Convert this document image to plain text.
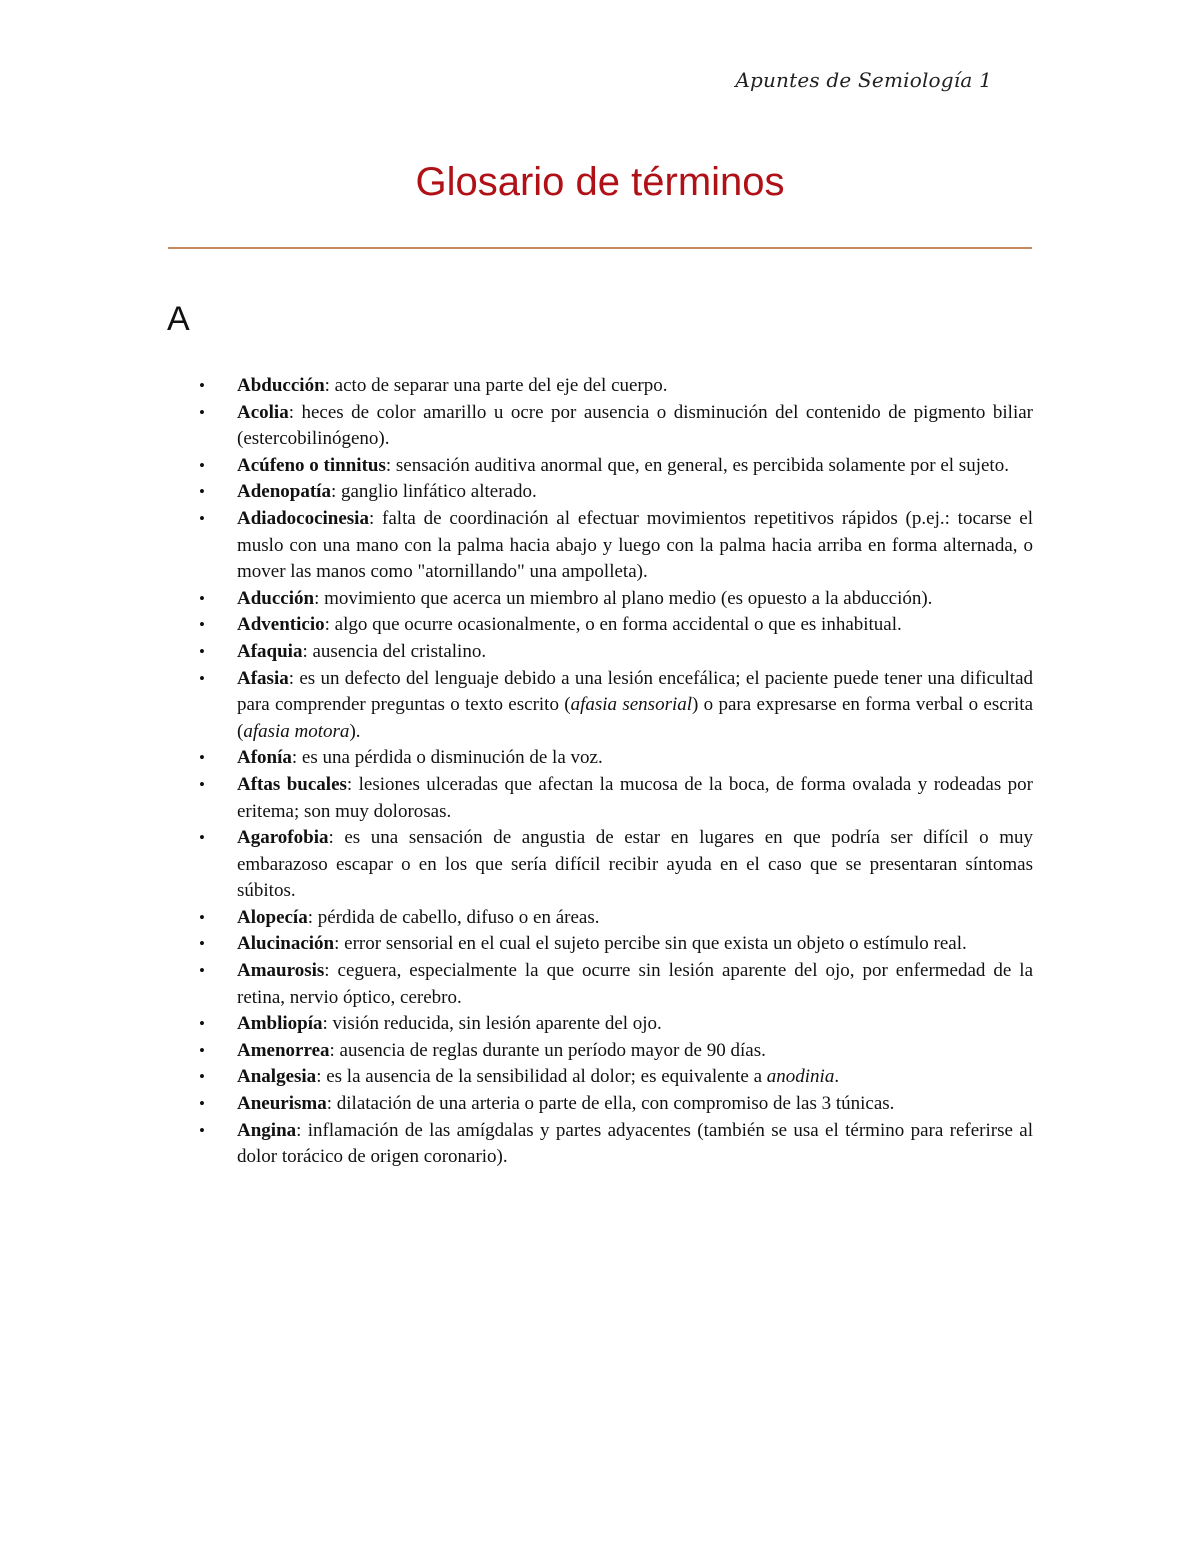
Apuntes de Semiología 1
Glosario de términos
A
• Abducción: acto de separar una parte del eje del cuerpo.
• Acolia: heces de color amarillo u ocre por ausencia o disminución del contenido de pigmento biliar (estercobilinógeno).
• Acúfeno o tinnitus: sensación auditiva anormal que, en general, es percibida solamente por el sujeto.
• Adenopatía: ganglio linfático alterado.
• Adiadococinesia: falta de coordinación al efectuar movimientos repetitivos rápidos (p.ej.: tocarse el muslo con una mano con la palma hacia abajo y luego con la palma hacia arriba en forma alternada, o mover las manos como "atornillando" una ampolleta).
• Aducción: movimiento que acerca un miembro al plano medio (es opuesto a la abducción).
• Adventicio: algo que ocurre ocasionalmente, o en forma accidental o que es inhabitual.
• Afaquia: ausencia del cristalino.
• Afasia: es un defecto del lenguaje debido a una lesión encefálica; el paciente puede tener una dificultad para comprender preguntas o texto escrito (afasia sensorial) o para expresarse en forma verbal o escrita (afasia motora).
• Afonía: es una pérdida o disminución de la voz.
• Aftas bucales: lesiones ulceradas que afectan la mucosa de la boca, de forma ovalada y rodeadas por eritema; son muy dolorosas.
• Agarofobia: es una sensación de angustia de estar en lugares en que podría ser difícil o muy embarazoso escapar o en los que sería difícil recibir ayuda en el caso que se presentaran síntomas súbitos.
• Alopecía: pérdida de cabello, difuso o en áreas.
• Alucinación: error sensorial en el cual el sujeto percibe sin que exista un objeto o estímulo real.
• Amaurosis: ceguera, especialmente la que ocurre sin lesión aparente del ojo, por enfermedad de la retina, nervio óptico, cerebro.
• Ambliopía: visión reducida, sin lesión aparente del ojo.
• Amenorrea: ausencia de reglas durante un período mayor de 90 días.
• Analgesia: es la ausencia de la sensibilidad al dolor; es equivalente a anodinia.
• Aneurisma: dilatación de una arteria o parte de ella, con compromiso de las 3 túnicas.
• Angina: inflamación de las amígdalas y partes adyacentes (también se usa el término para referirse al dolor torácico de origen coronario).
